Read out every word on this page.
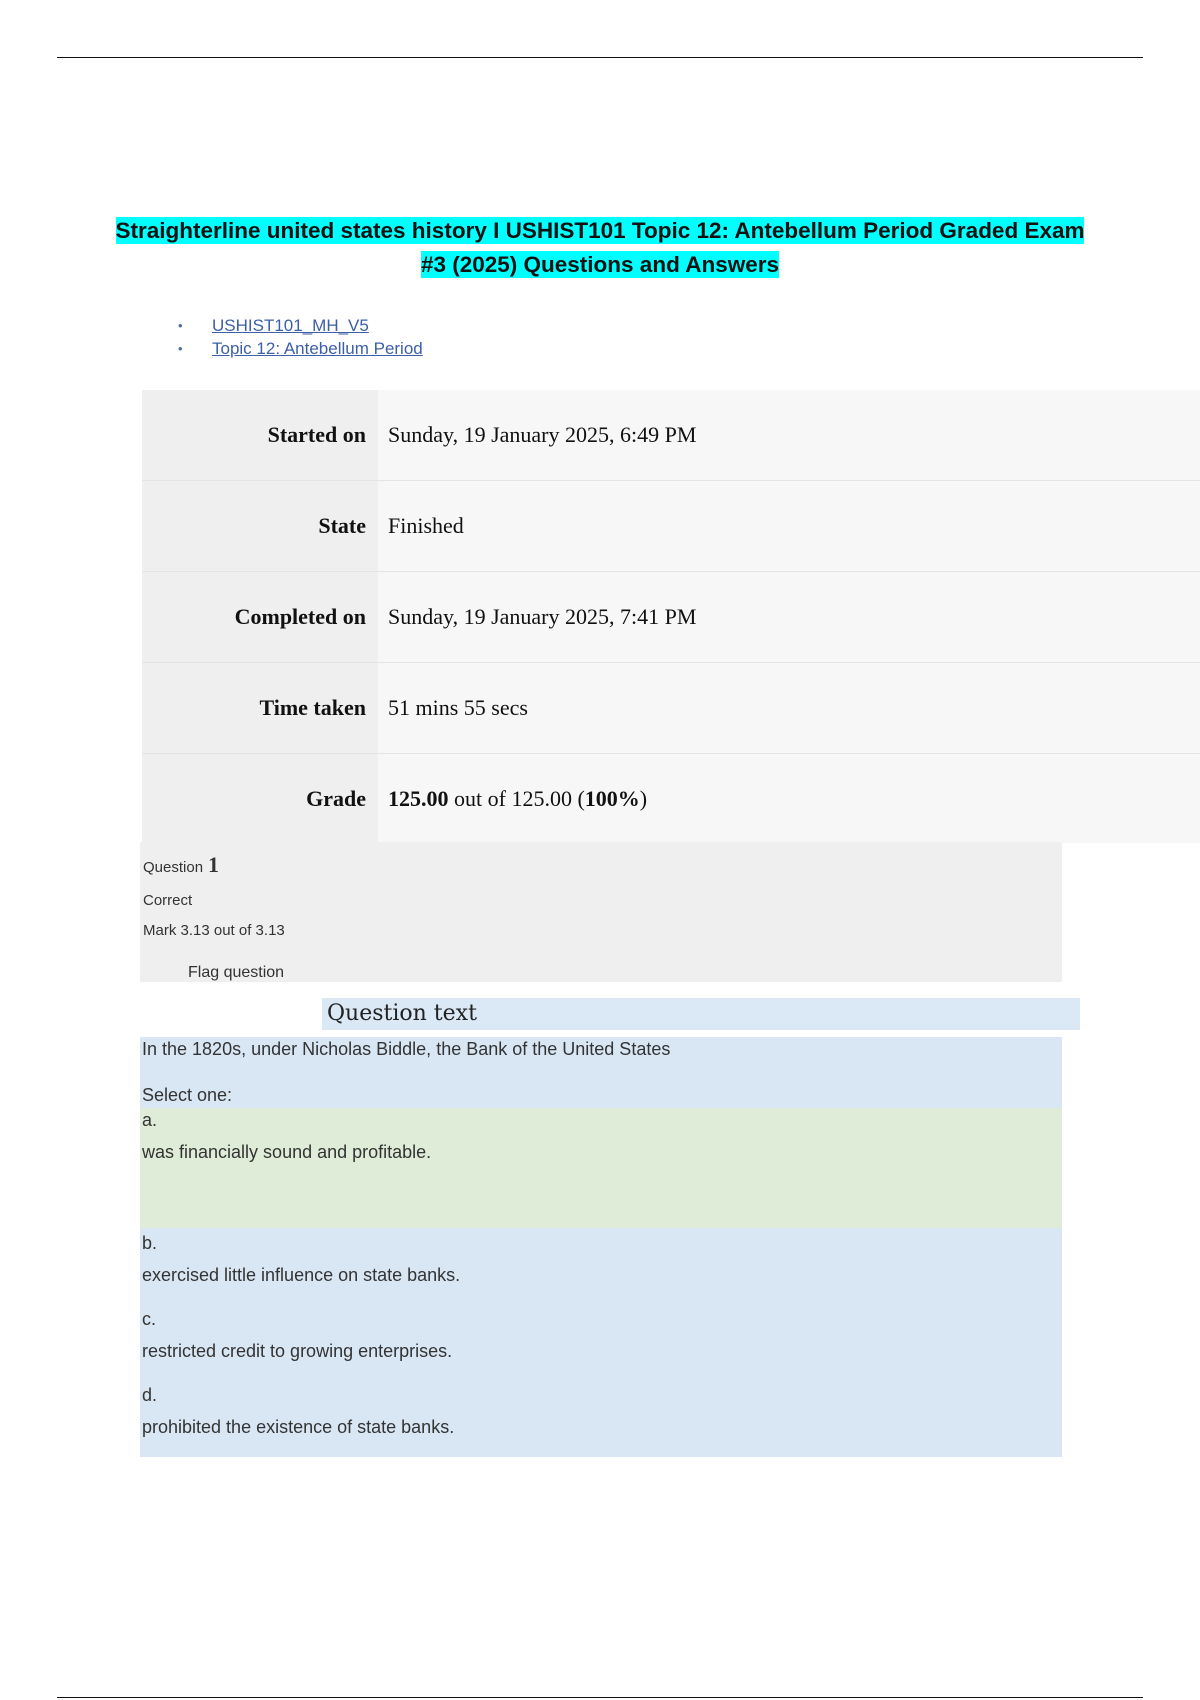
Straighterline united states history I USHIST101 Topic 12: Antebellum Period Graded Exam #3 (2025) Questions and Answers
• USHIST101_MH_V5
• Topic 12: Antebellum Period
Started on	Sunday, 19 January 2025, 6:49 PM
State	Finished
Completed on	Sunday, 19 January 2025, 7:41 PM
Time taken	51 mins 55 secs
Grade	125.00 out of 125.00 ( 100% )
Question 1
Correct
Mark 3.13 out of 3.13
Flag question
Question text
In the 1820s, under Nicholas Biddle, the Bank of the United States
Select one:
a.
was financially sound and profitable.
b.
exercised little influence on state banks.
c.
restricted credit to growing enterprises.
d.
prohibited the existence of state banks.
